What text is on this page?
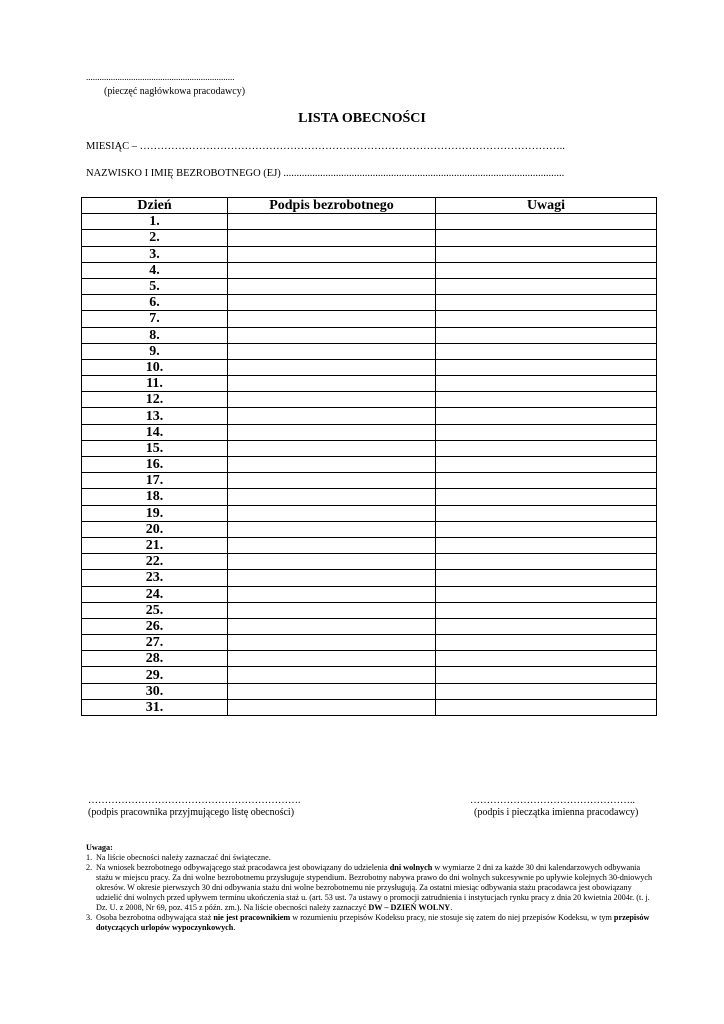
..................................................................
(pieczęć nagłówkowa pracodawcy)
LISTA OBECNOŚCI
MIESIĄC – …………………………………………………………………………………………………………..
NAZWISKO I IMIĘ BEZROBOTNEGO (EJ) ...........................................................................................................
Dzień	Podpis bezrobotnego	Uwagi
1.		
2.		
3.		
4.		
5.		
6.		
7.		
8.		
9.		
10.		
11.		
12.		
13.		
14.		
15.		
16.		
17.		
18.		
19.		
20.		
21.		
22.		
23.		
24.		
25.		
26.		
27.		
28.		
29.		
30.		
31.		
……………………………………………………….
(podpis pracownika przyjmującego listę obecności)
…………………………………………..
(podpis i pieczątka imienna pracodawcy)
Uwaga:
1. Na liście obecności należy zaznaczać dni świąteczne.
2. Na wniosek bezrobotnego odbywającego staż pracodawca jest obowiązany do udzielenia dni wolnych w wymiarze 2 dni za każde 30 dni kalendarzowych odbywania stażu w miejscu pracy. Za dni wolne bezrobotnemu przysługuje stypendium. Bezrobotny nabywa prawo do dni wolnych sukcesywnie po upływie kolejnych 30-dniowych okresów. W okresie pierwszych 30 dni odbywania stażu dni wolne bezrobotnemu nie przysługują. Za ostatni miesiąc odbywania stażu pracodawca jest obowiązany udzielić dni wolnych przed upływem terminu ukończenia staż u. (art. 53 ust. 7a ustawy o promocji zatrudnienia i instytucjach rynku pracy z dnia 20 kwietnia 2004r. (t. j. Dz. U. z 2008, Nr 69, poz. 415 z późn. zm.). Na liście obecności należy zaznaczyć DW – DZIEŃ WOLNY.
3. Osoba bezrobotna odbywająca staż nie jest pracownikiem w rozumieniu przepisów Kodeksu pracy, nie stosuje się zatem do niej przepisów Kodeksu, w tym przepisów dotyczących urlopów wypoczynkowych.
